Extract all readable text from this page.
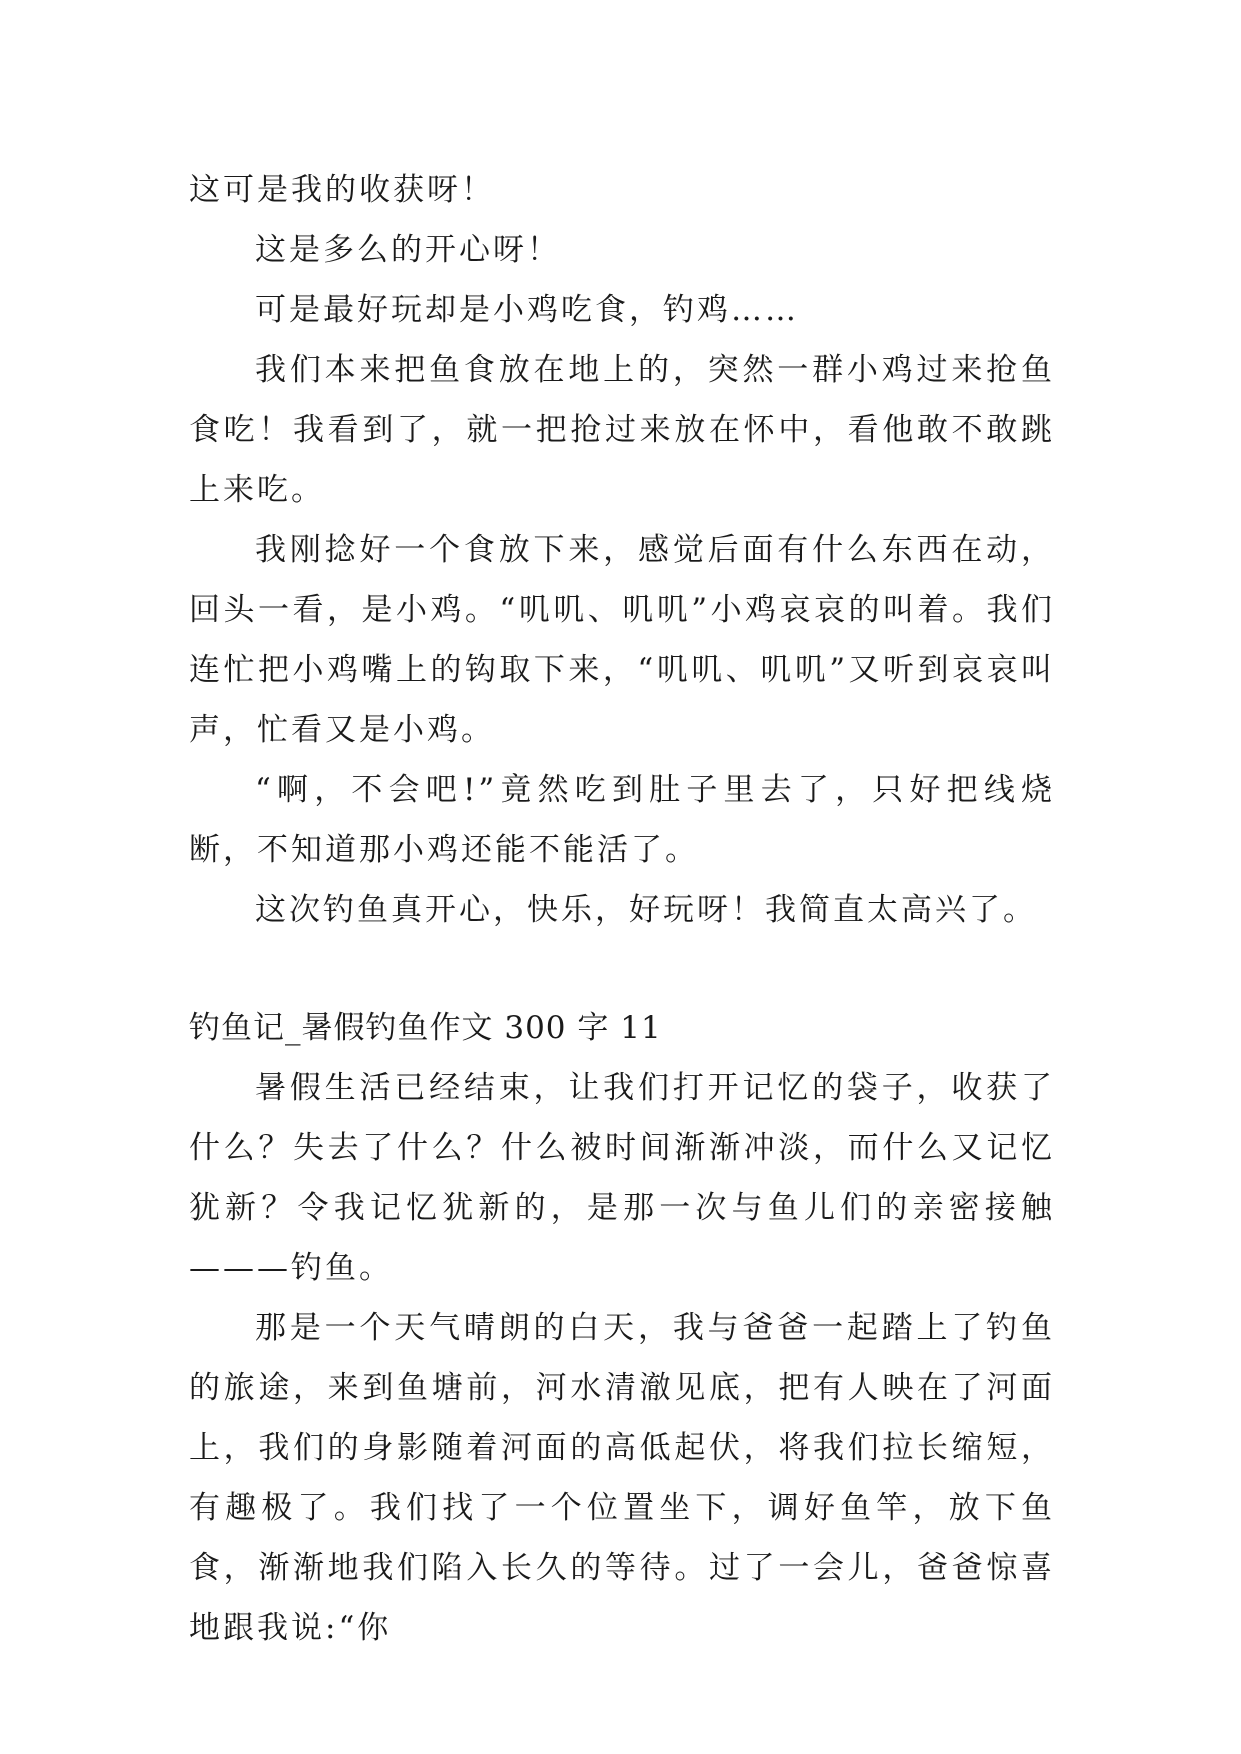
这可是我的收获呀！

这是多么的开心呀！

可是最好玩却是小鸡吃食，钓鸡……

我们本来把鱼食放在地上的，突然一群小鸡过来抢鱼食吃！我看到了，就一把抢过来放在怀中，看他敢不敢跳上来吃。

我刚捻好一个食放下来，感觉后面有什么东西在动，回头一看，是小鸡。“叽叽、叽叽”小鸡哀哀的叫着。我们连忙把小鸡嘴上的钩取下来，“叽叽、叽叽”又听到哀哀叫声，忙看又是小鸡。

“啊，不会吧!”竟然吃到肚子里去了，只好把线烧断，不知道那小鸡还能不能活了。

这次钓鱼真开心，快乐，好玩呀！我简直太高兴了。

钓鱼记_暑假钓鱼作文 300 字 11

暑假生活已经结束，让我们打开记忆的袋子，收获了什么？失去了什么？什么被时间渐渐冲淡，而什么又记忆犹新？令我记忆犹新的，是那一次与鱼儿们的亲密接触———钓鱼。

那是一个天气晴朗的白天，我与爸爸一起踏上了钓鱼的旅途，来到鱼塘前，河水清澈见底，把有人映在了河面上，我们的身影随着河面的高低起伏，将我们拉长缩短，有趣极了。我们找了一个位置坐下，调好鱼竿，放下鱼食，渐渐地我们陷入长久的等待。过了一会儿，爸爸惊喜地跟我说:“你
